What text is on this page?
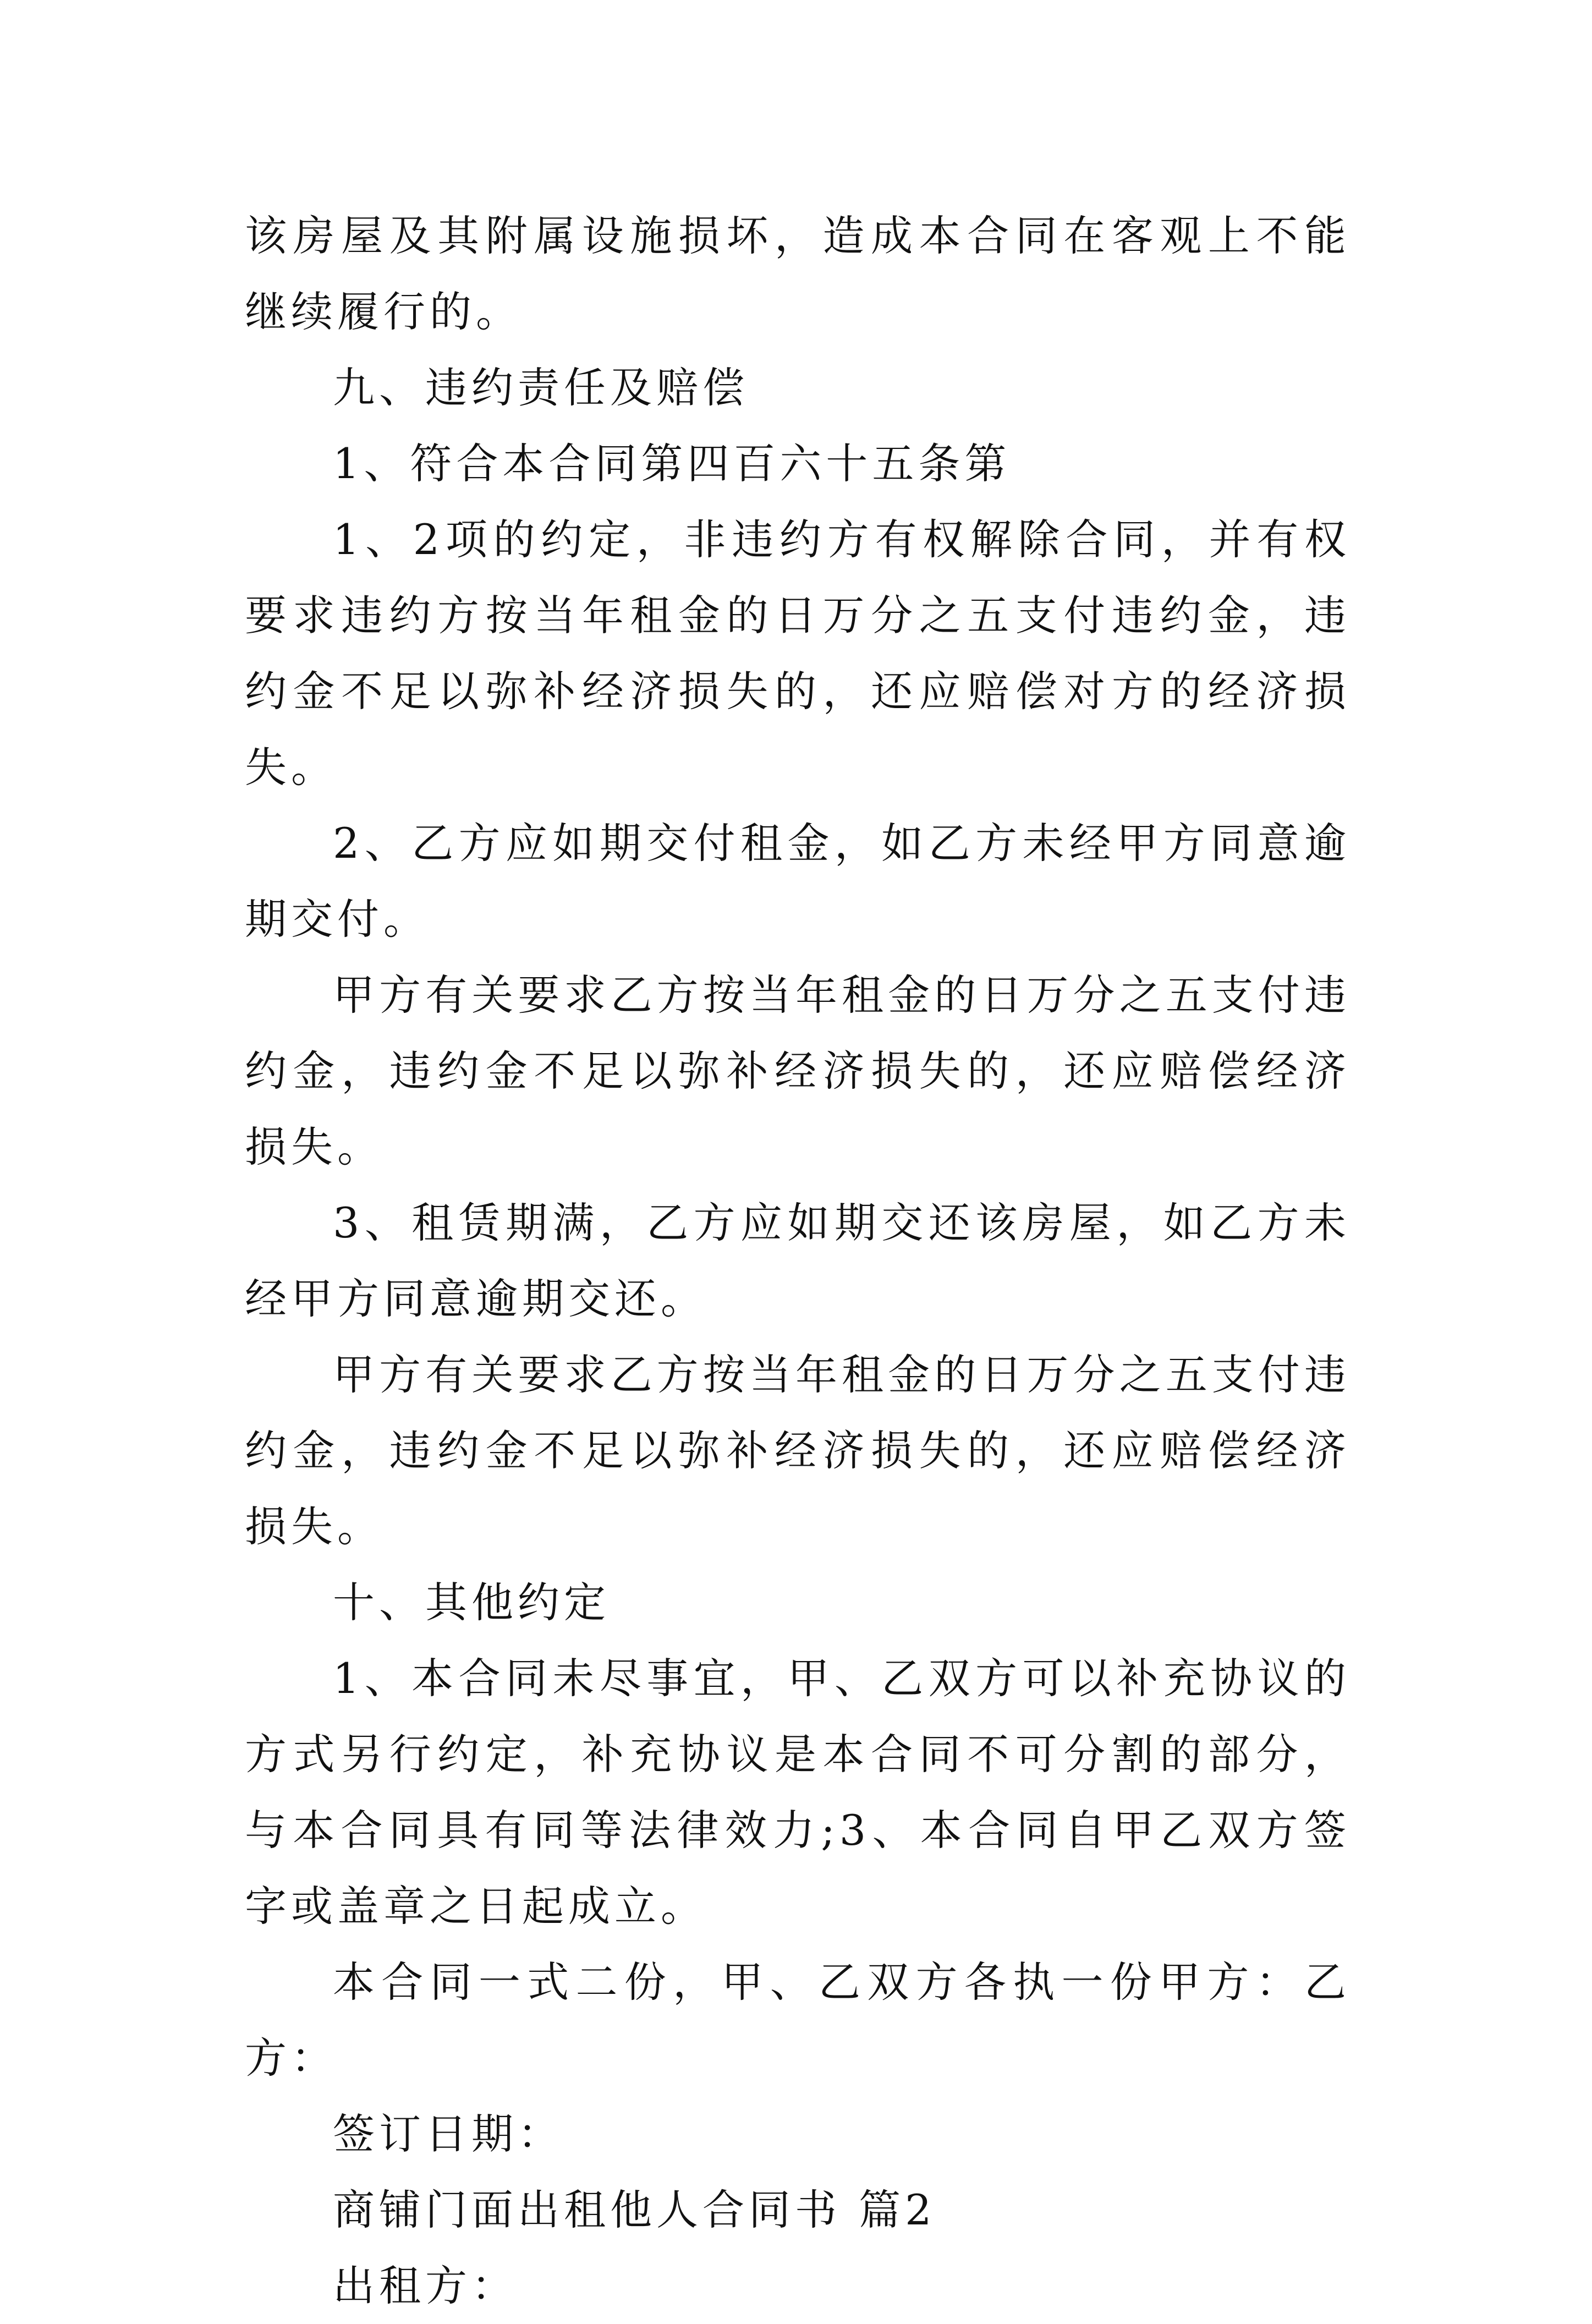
该房屋及其附属设施损坏，造成本合同在客观上不能继续履行的。

九、违约责任及赔偿

1、符合本合同第四百六十五条第

1、2项的约定，非违约方有权解除合同，并有权要求违约方按当年租金的日万分之五支付违约金，违约金不足以弥补经济损失的，还应赔偿对方的经济损失。

2、乙方应如期交付租金，如乙方未经甲方同意逾期交付。

甲方有关要求乙方按当年租金的日万分之五支付违约金，违约金不足以弥补经济损失的，还应赔偿经济损失。

3、租赁期满，乙方应如期交还该房屋，如乙方未经甲方同意逾期交还。

甲方有关要求乙方按当年租金的日万分之五支付违约金，违约金不足以弥补经济损失的，还应赔偿经济损失。

十、其他约定

1、本合同未尽事宜，甲、乙双方可以补充协议的方式另行约定，补充协议是本合同不可分割的部分，与本合同具有同等法律效力;3、本合同自甲乙双方签字或盖章之日起成立。

本合同一式二份，甲、乙双方各执一份甲方：乙方：

签订日期：

商铺门面出租他人合同书 篇2

出租方：
